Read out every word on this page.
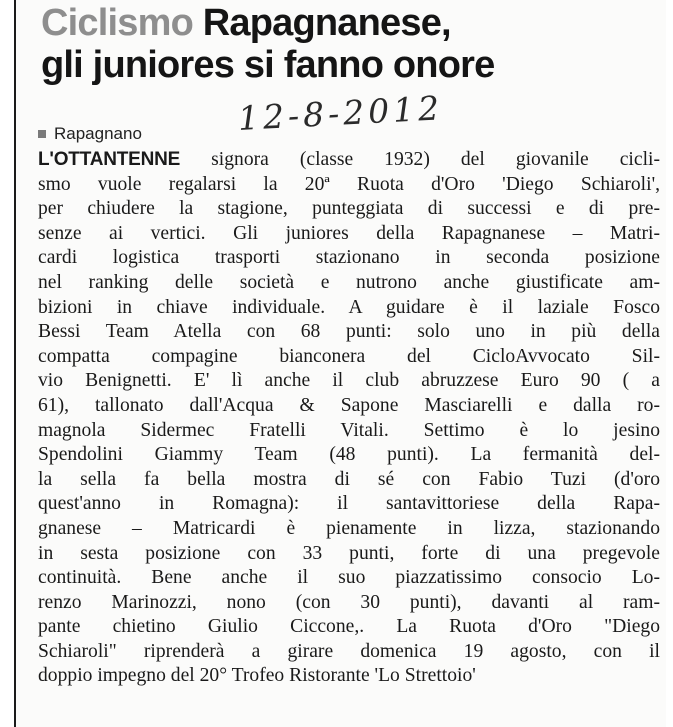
Ciclismo Rapagnanese,
gli juniores si fanno onore
Rapagnano	12-8-2012
L'OTTANTENNE signora (classe 1932) del giovanile cicli-
smo vuole regalarsi la 20ª Ruota d'Oro 'Diego Schiaroli',
per chiudere la stagione, punteggiata di successi e di pre-
senze ai vertici. Gli juniores della Rapagnanese – Matri-
cardi logistica trasporti stazionano in seconda posizione
nel ranking delle società e nutrono anche giustificate am-
bizioni in chiave individuale. A guidare è il laziale Fosco
Bessi Team Atella con 68 punti: solo uno in più della
compatta compagine bianconera del CicloAvvocato Sil-
vio Benignetti. E' lì anche il club abruzzese Euro 90 ( a
61), tallonato dall'Acqua & Sapone Masciarelli e dalla ro-
magnola Sidermec Fratelli Vitali. Settimo è lo jesino
Spendolini Giammy Team (48 punti). La fermanità del-
la sella fa bella mostra di sé con Fabio Tuzi (d'oro
quest'anno in Romagna): il santavittoriese della Rapa-
gnanese – Matricardi è pienamente in lizza, stazionando
in sesta posizione con 33 punti, forte di una pregevole
continuità. Bene anche il suo piazzatissimo consocio Lo-
renzo Marinozzi, nono (con 30 punti), davanti al ram-
pante chietino Giulio Ciccone,. La Ruota d'Oro "Diego
Schiaroli" riprenderà a girare domenica 19 agosto, con il
doppio impegno del 20° Trofeo Ristorante 'Lo Strettoio'
